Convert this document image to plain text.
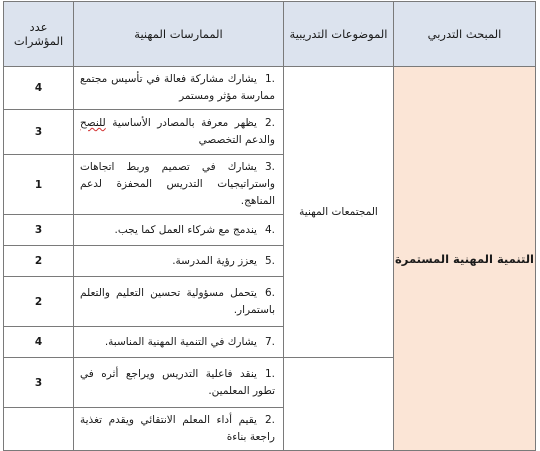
المبحث التدربي	الموضوعات التدريبية	الممارسات المهنية	عدد المؤشرات
التنمية المهنية المستمرة	المجتمعات المهنية	1.يشارك مشاركة فعالة في تأسيس مجتمع ممارسة مؤثر ومستمر	4
		2.يظهر معرفة بالمصادر الأساسية للنصح والدعم التخصصي	3
		3.يشارك في تصميم وربط اتجاهات واستراتيجيات التدريس المحفزة لدعم المناهج.	1
		4.يندمج مع شركاء العمل كما يجب.	3
		5.يعزز رؤية المدرسة.	2
		6.يتحمل مسؤولية تحسين التعليم والتعلم باستمرار.	2
		7.يشارك في التنمية المهنية المناسبة.	4
		1.ينقد فاعلية التدريس ويراجع أثره في تطور المعلمين.	3
		2.يقيم أداء المعلم الانتقائي ويقدم تغذية راجعة بناءة	
